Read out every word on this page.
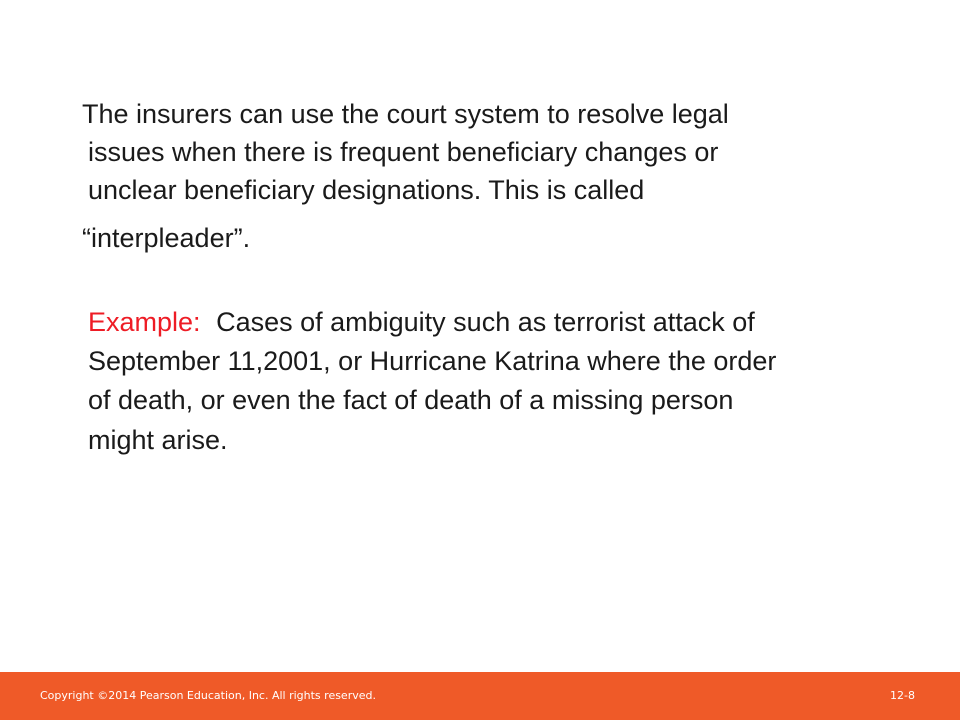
The insurers can use the court system to resolve legal
issues when there is frequent beneficiary changes or
unclear beneficiary designations. This is called
“interpleader”.
Example: Cases of ambiguity such as terrorist attack of
September 11,2001, or Hurricane Katrina where the order
of death, or even the fact of death of a missing person
might arise.
Copyright ©2014 Pearson Education, Inc. All rights reserved.	12-8
